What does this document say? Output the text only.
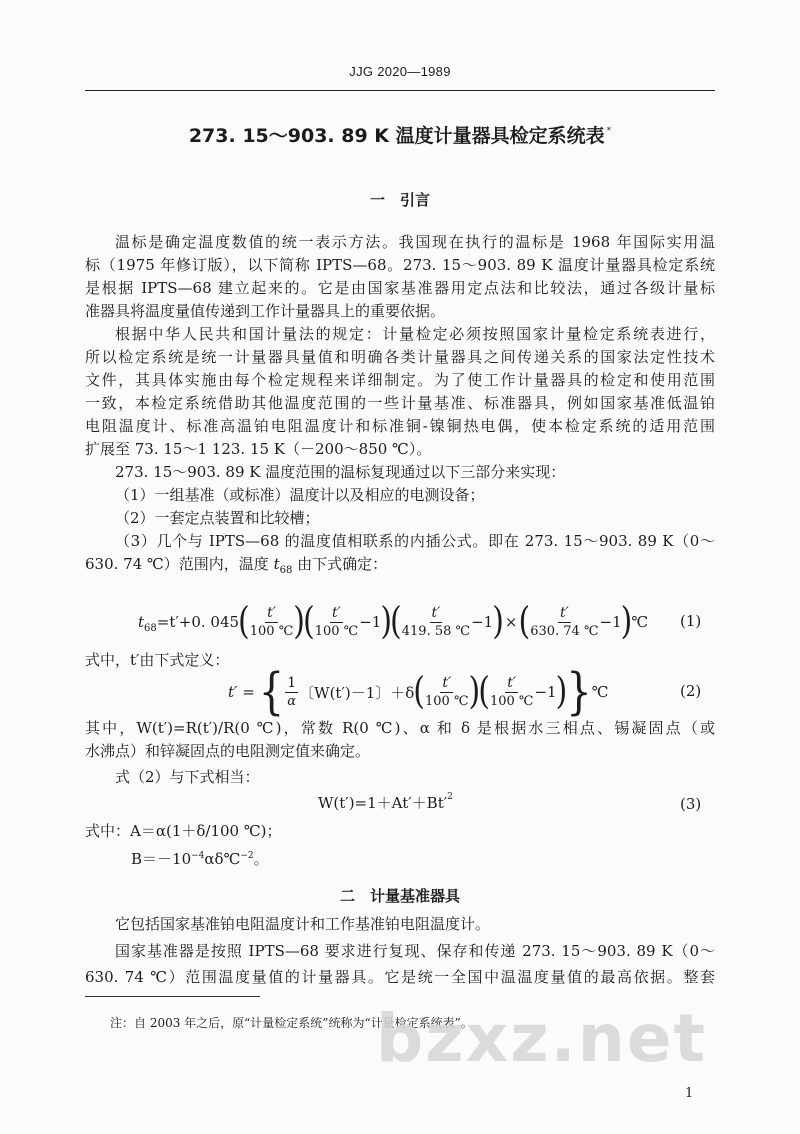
JJG 2020—1989
273. 15～903. 89 K 温度计量器具检定系统表 *
一　引言
温标是确定温度数值的统一表示方法。我国现在执行的温标是 1968 年国际实用温
标（1975 年修订版），以下简称 IPTS—68。273. 15～903. 89 K 温度计量器具检定系统
是根据 IPTS—68 建立起来的。它是由国家基准器用定点法和比较法，通过各级计量标
准器具将温度量值传递到工作计量器具上的重要依据。
根据中华人民共和国计量法的规定：计量检定必须按照国家计量检定系统表进行，
所以检定系统是统一计量器具量值和明确各类计量器具之间传递关系的国家法定性技术
文件，其具体实施由每个检定规程来详细制定。为了使工作计量器具的检定和使用范围
一致，本检定系统借助其他温度范围的一些计量基准、标准器具，例如国家基准低温铂
电阻温度计、标准高温铂电阻温度计和标准铜-镍铜热电偶，使本检定系统的适用范围
扩展至 73. 15～1 123. 15 K（－200～850 ℃）。
273. 15～903. 89 K 温度范围的温标复现通过以下三部分来实现：
（1）一组基准（或标准）温度计以及相应的电测设备；
（2）一套定点装置和比较槽；
（3）几个与 IPTS—68 的温度值相联系的内插公式。即在 273. 15～903. 89 K（0～
630. 74 ℃）范围内，温度 $t_{68}$ 由下式确定：
$t_{68} =t'+0$. 045 ( $\frac{t'}{100 ℃}$ )
( $\frac{t'}{100 ℃} -1$ )
( $\frac{t'}{419. 58 ℃} -1$ ) × ( $\frac{t'}{630. 74 ℃} -1$ ) ℃ (1)
式中，t′由下式定义：
t′ = { $\frac{1}{\alpha}$ 〔W(t′)－1〕＋δ ( $\frac{t'}{100 ℃}$ )
( $\frac{t'}{100 ℃} -1$ ) } ℃	(2)
其中，W(t′)=R(t′)/R(0 ℃)，常数 R(0 ℃)、α 和 δ 是根据水三相点、锡凝固点（或
水沸点）和锌凝固点的电阻测定值来确定。
式（2）与下式相当：
$W(t')=1+At'+Bt'^2$	(3)
式中：A＝α(1＋δ/100 ℃)；
$B=-10^{-4}\alpha\delta℃^{-2}$。
二　计量基准器具
它包括国家基准铂电阻温度计和工作基准铂电阻温度计。
国家基准器是按照 IPTS—68 要求进行复现、保存和传递 273. 15～903. 89 K（0～
630. 74 ℃）范围温度量值的计量器具。它是统一全国中温温度量值的最高依据。整套
注：自 2003 年之后，原“计量检定系统”统称为“计量检定系统表”。
bzxz.net
1
